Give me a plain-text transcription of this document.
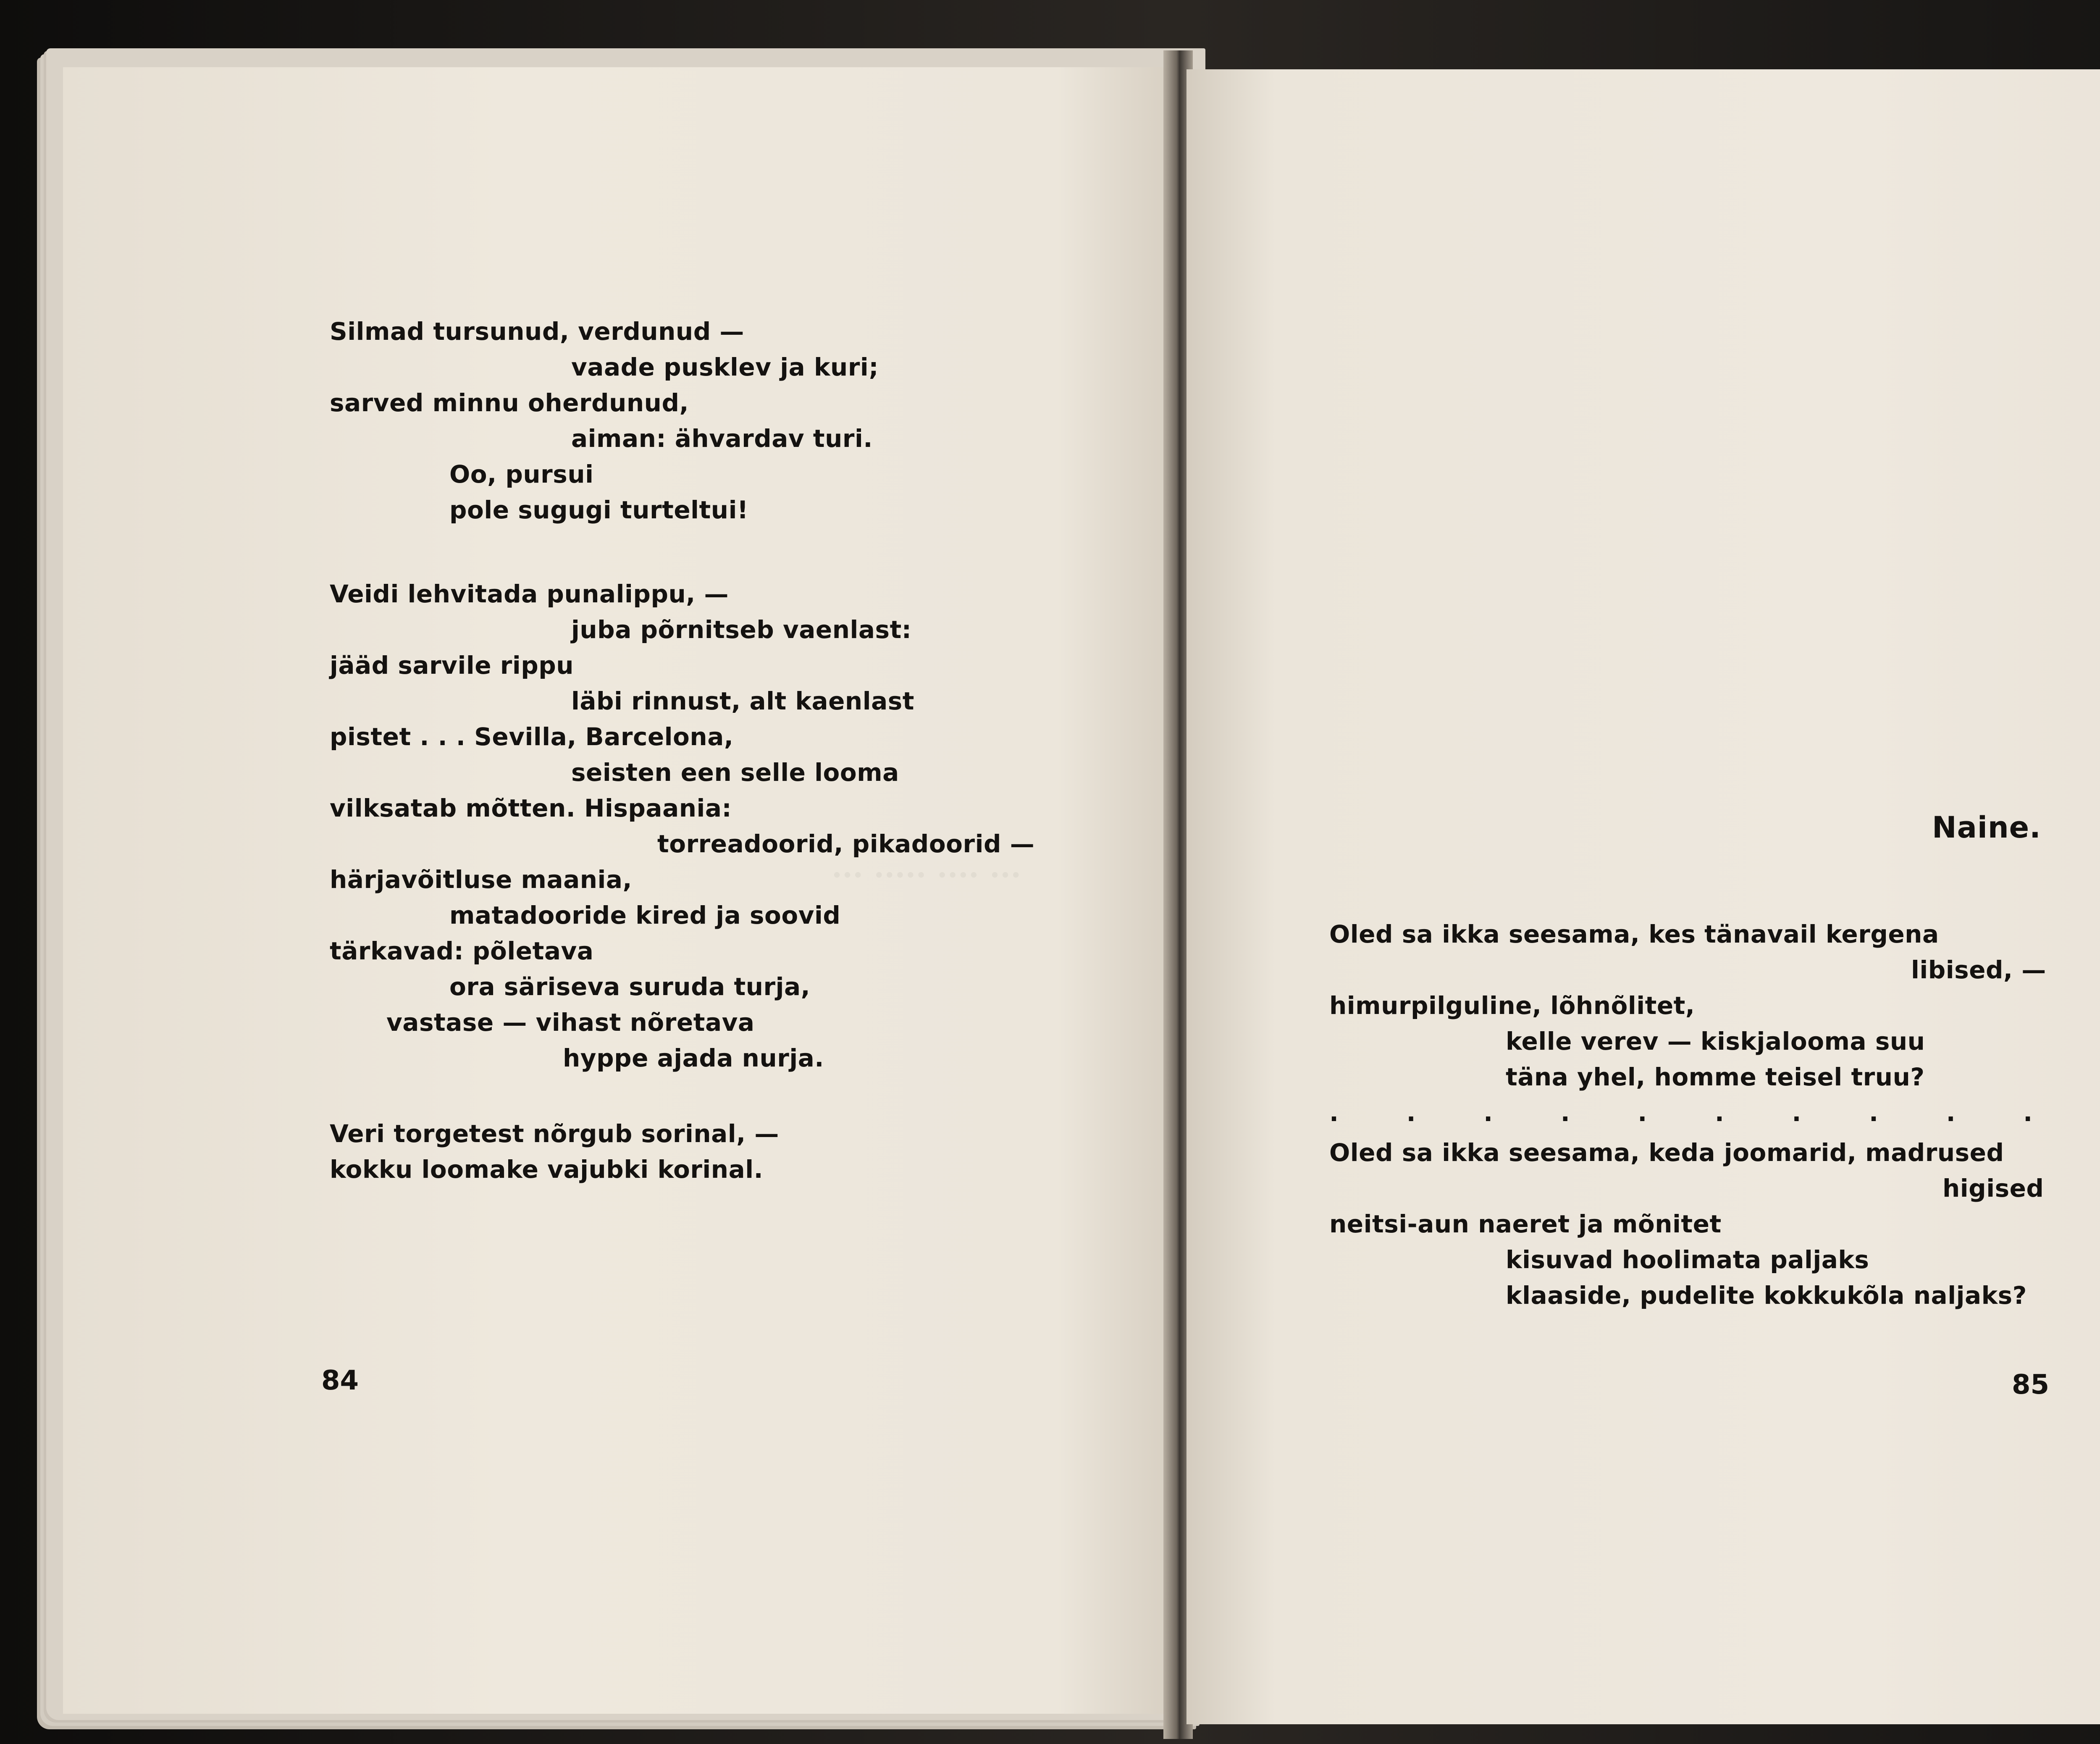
Silmad tursunud, verdunud —
vaade pusklev ja kuri;
sarved minnu oherdunud,
aiman: ähvardav turi.
Oo, pursui
pole sugugi turteltui!
Veidi lehvitada punalippu, —
juba põrnitseb vaenlast:
jääd sarvile rippu
läbi rinnust, alt kaenlast
pistet . . . Sevilla, Barcelona,
seisten een selle looma
vilksatab mõtten. Hispaania:
torreadoorid, pikadoorid —
härjavõitluse maania,
matadooride kired ja soovid
tärkavad: põletava
ora säriseva suruda turja,
vastase — vihast nõretava
hyppe ajada nurja.
Veri torgetest nõrgub sorinal, —
kokku loomake vajubki korinal.
84
Naine.
Oled sa ikka seesama, kes tänavail kergena
libised, —
himurpilguline, lõhnõlitet,
kelle verev — kiskjalooma suu
täna yhel, homme teisel truu?
.        .        .        .        .        .        .        .        .        .
Oled sa ikka seesama, keda joomarid, madrused
higised
neitsi-aun naeret ja mõnitet
kisuvad hoolimata paljaks
klaaside, pudelite kokkukõla naljaks?
85
